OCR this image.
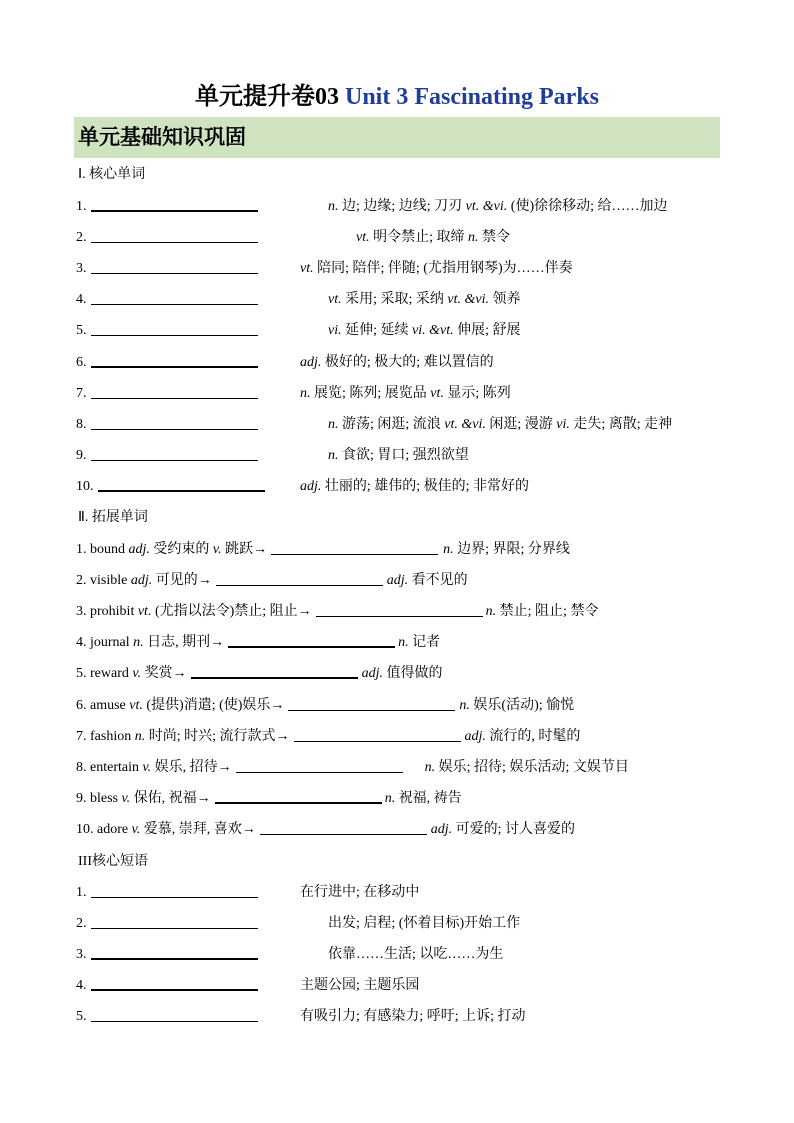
单元提升卷03 Unit 3 Fascinating Parks
单元基础知识巩固
Ⅰ. 核心单词
1.	n. 边; 边缘; 边线; 刀刃 vt. &vi. (使)徐徐移动; 给……加边
2.	vt. 明令禁止; 取缔 n. 禁令
3.	vt. 陪同; 陪伴; 伴随; (尤指用钢琴)为……伴奏
4.	vt. 采用; 采取; 采纳 vt. &vi. 领养
5.	vi. 延伸; 延续 vi. &vt. 伸展; 舒展
6.	adj. 极好的; 极大的; 难以置信的
7.	n. 展览; 陈列; 展览品 vt. 显示; 陈列
8.	n. 游荡; 闲逛; 流浪 vt. &vi. 闲逛; 漫游 vi. 走失; 离散; 走神
9.	n. 食欲; 胃口; 强烈欲望
10.	adj. 壮丽的; 雄伟的; 极佳的; 非常好的
Ⅱ. 拓展单词
1. bound adj. 受约束的 v. 跳跃→	n. 边界; 界限; 分界线
2. visible adj. 可见的→	adj. 看不见的
3. prohibit vt. (尤指以法令)禁止; 阻止→	n. 禁止; 阻止; 禁令
4. journal n. 日志, 期刊→	n. 记者
5. reward v. 奖赏→	adj. 值得做的
6. amuse vt. (提供)消遣; (使)娱乐→	n. 娱乐(活动); 愉悦
7. fashion n. 时尚; 时兴; 流行款式→	adj. 流行的, 时髦的
8. entertain v. 娱乐, 招待→	n. 娱乐; 招待; 娱乐活动; 文娱节目
9. bless v. 保佑, 祝福→	n. 祝福, 祷告
10. adore v. 爱慕, 崇拜, 喜欢→	adj. 可爱的; 讨人喜爱的
III核心短语
1.	在行进中; 在移动中
2.	出发; 启程; (怀着目标)开始工作
3.	依靠……生活; 以吃……为生
4.	主题公园; 主题乐园
5.	有吸引力; 有感染力; 呼吁; 上诉; 打动
